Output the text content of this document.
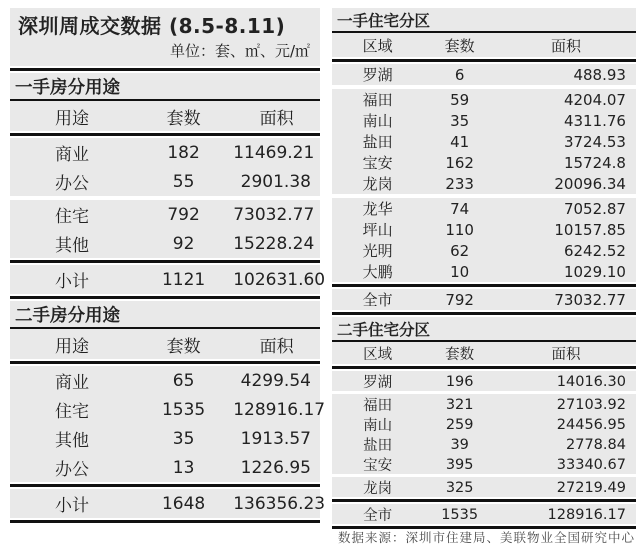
深圳周成交数据 (8.5-8.11)
单位：套、㎡、元/㎡
一手房分用途
用途	套数	面积
商业	182	11469.21
办公	55	2901.38
住宅	792	73032.77
其他	92	15228.24
小计	1121	102631.60
二手房分用途
用途	套数	面积
商业	65	4299.54
住宅	1535	128916.17
其他	35	1913.57
办公	13	1226.95
小计	1648	136356.23
一手住宅分区
区域	套数	面积
罗湖	6	488.93
福田	59	4204.07
南山	35	4311.76
盐田	41	3724.53
宝安	162	15724.8
龙岗	233	20096.34
龙华	74	7052.87
坪山	110	10157.85
光明	62	6242.52
大鹏	10	1029.10
全市	792	73032.77
二手住宅分区
区域	套数	面积
罗湖	196	14016.30
福田	321	27103.92
南山	259	24456.95
盐田	39	2778.84
宝安	395	33340.67
龙岗	325	27219.49
全市	1535	128916.17
数据来源：深圳市住建局、美联物业全国研究中心
